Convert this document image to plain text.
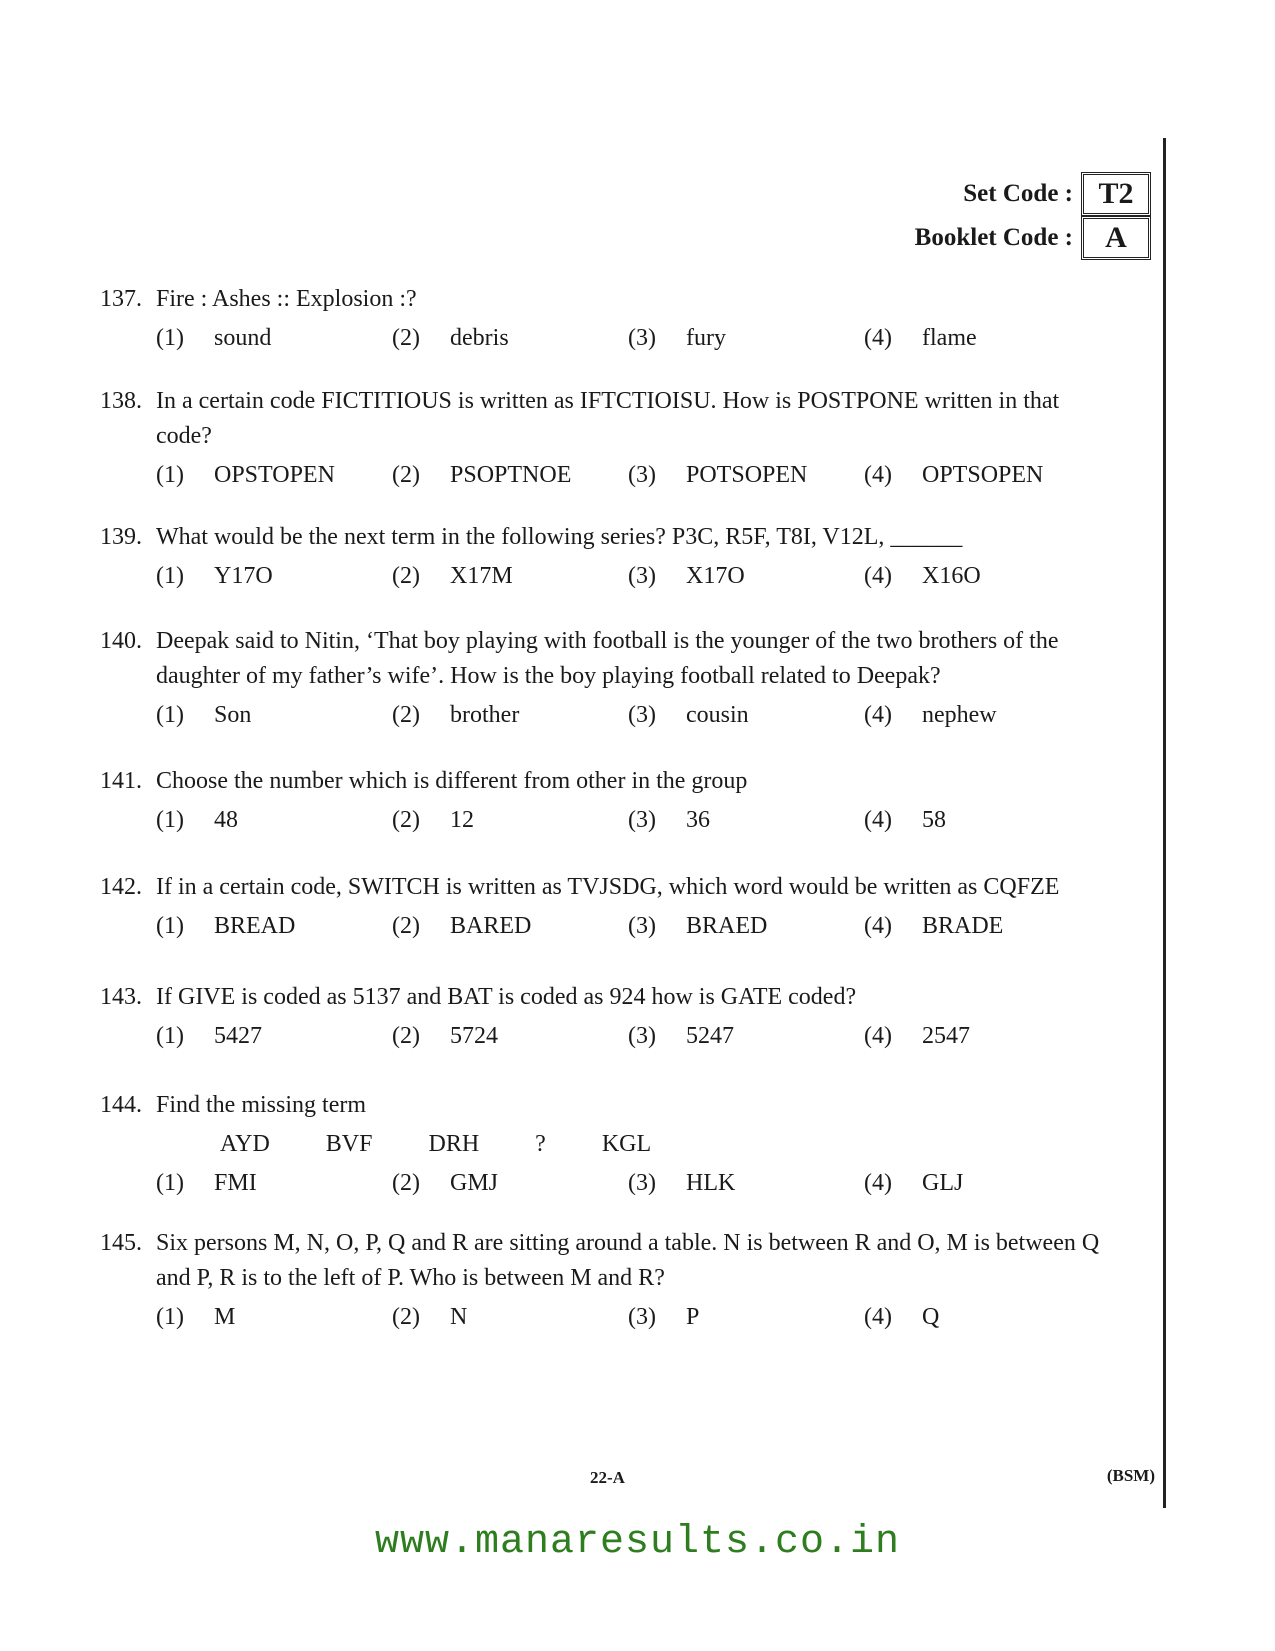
Set Code : T2
Booklet Code :	A
137. Fire : Ashes :: Explosion :?
(1)	sound	(2)	debris	(3)	fury	(4)	flame
138. In a certain code FICTITIOUS is written as IFTCTIOISU. How is POSTPONE written in that
code?
(1)	OPSTOPEN (2)	PSOPTNOE (3)	POTSOPEN (4)	OPTSOPEN
139. What would be the next term in the following series? P3C, R5F, T8I, V12L, ______
(1)	Y17O	(2)	X17M	(3)	X17O	(4)	X16O
140. Deepak said to Nitin, ‘That boy playing with football is the younger of the two brothers of the
daughter of my father’s wife’. How is the boy playing football related to Deepak?
(1)	Son	(2)	brother	(3)	cousin	(4)	nephew
141. Choose the number which is different from other in the group
(1)	48	(2)	12	(3)	36	(4)	58
142. If in a certain code, SWITCH is written as TVJSDG, which word would be written as CQFZE
(1)	BREAD	(2)	BARED	(3)	BRAED	(4)	BRADE
143. If GIVE is coded as 5137 and BAT is coded as 924 how is GATE coded?
(1)	5427	(2)	5724	(3)	5247	(4)	2547
144. Find the missing term
AYD BVF DRH ? KGL
(1)	FMI	(2)	GMJ	(3)	HLK	(4)	GLJ
145. Six persons M, N, O, P, Q and R are sitting around a table. N is between R and O, M is between Q
and P, R is to the left of P. Who is between M and R?
(1)	M	(2)	N	(3)	P	(4)	Q
22-A	(BSM)
www.manaresults.co.in
